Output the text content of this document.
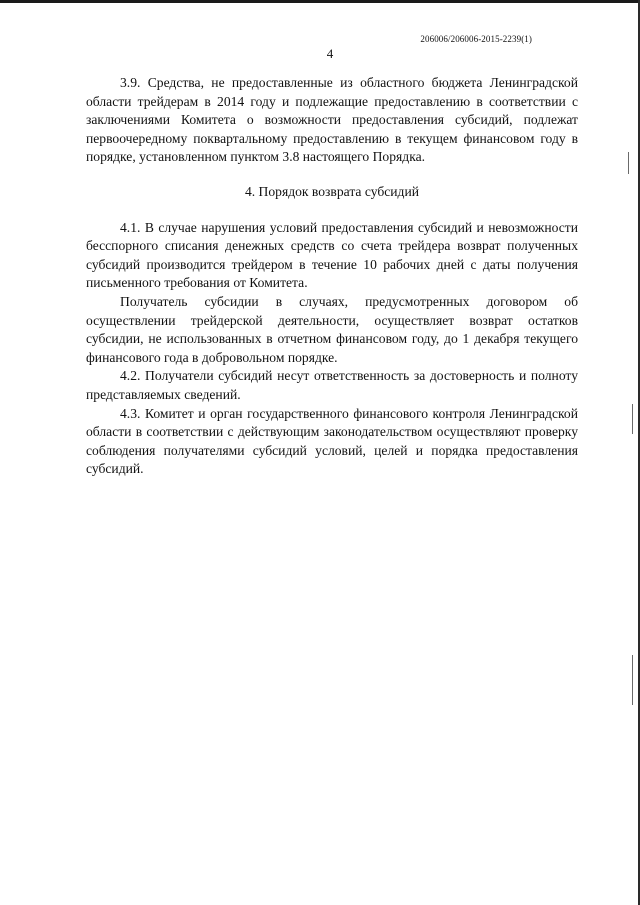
206006/206006-2015-2239(1)
4

3.9. Средства, не предоставленные из областного бюджета Ленинградской области трейдерам в 2014 году и подлежащие предоставлению в соответствии с заключениями Комитета о возможности предоставления субсидий, подлежат первоочередному поквартальному предоставлению в текущем финансовом году в порядке, установленном пунктом 3.8 настоящего Порядка.

4. Порядок возврата субсидий

4.1. В случае нарушения условий предоставления субсидий и невозможности бесспорного списания денежных средств со счета трейдера возврат полученных субсидий производится трейдером в течение 10 рабочих дней с даты получения письменного требования от Комитета.

Получатель субсидии в случаях, предусмотренных договором об осуществлении трейдерской деятельности, осуществляет возврат остатков субсидии, не использованных в отчетном финансовом году, до 1 декабря текущего финансового года в добровольном порядке.

4.2. Получатели субсидий несут ответственность за достоверность и полноту представляемых сведений.

4.3. Комитет и орган государственного финансового контроля Ленинградской области в соответствии с действующим законодательством осуществляют проверку соблюдения получателями субсидий условий, целей и порядка предоставления субсидий.
